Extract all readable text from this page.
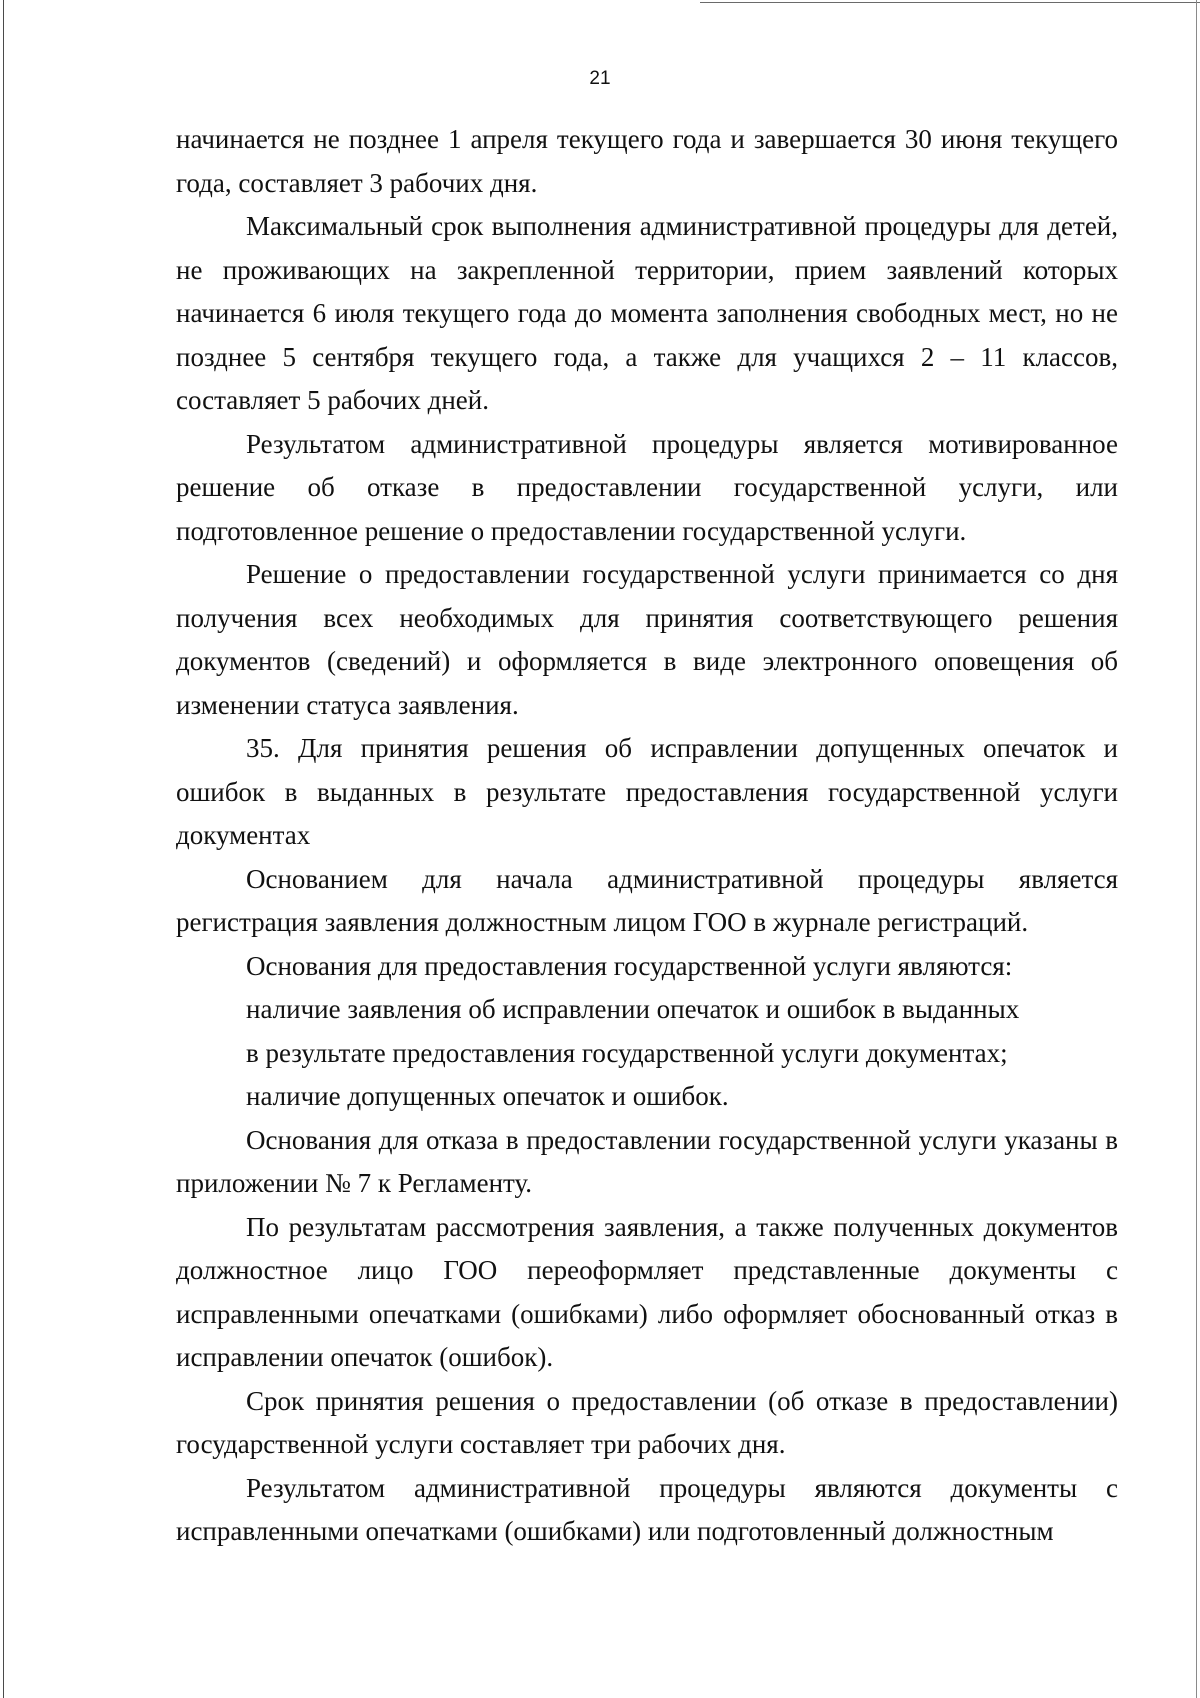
21

начинается не позднее 1 апреля текущего года и завершается 30 июня текущего года, составляет 3 рабочих дня.

Максимальный срок выполнения административной процедуры для детей, не проживающих на закрепленной территории, прием заявлений которых начинается 6 июля текущего года до момента заполнения свободных мест, но не позднее 5 сентября текущего года, а также для учащихся 2 – 11 классов, составляет 5 рабочих дней.

Результатом административной процедуры является мотивированное решение об отказе в предоставлении государственной услуги, или подготовленное решение о предоставлении государственной услуги.

Решение о предоставлении государственной услуги принимается со дня получения всех необходимых для принятия соответствующего решения документов (сведений) и оформляется в виде электронного оповещения об изменении статуса заявления.

35. Для принятия решения об исправлении допущенных опечаток и ошибок в выданных в результате предоставления государственной услуги документах

Основанием для начала административной процедуры является регистрация заявления должностным лицом ГОО в журнале регистраций.

Основания для предоставления государственной услуги являются:

наличие заявления об исправлении опечаток и ошибок в выданных

в результате предоставления государственной услуги документах;

наличие допущенных опечаток и ошибок.

Основания для отказа в предоставлении государственной услуги указаны в приложении № 7 к Регламенту.

По результатам рассмотрения заявления, а также полученных документов должностное лицо ГОО переоформляет представленные документы с исправленными опечатками (ошибками) либо оформляет обоснованный отказ в исправлении опечаток (ошибок).

Срок принятия решения о предоставлении (об отказе в предоставлении) государственной услуги составляет три рабочих дня.

Результатом административной процедуры являются документы с исправленными опечатками (ошибками) или подготовленный должностным
